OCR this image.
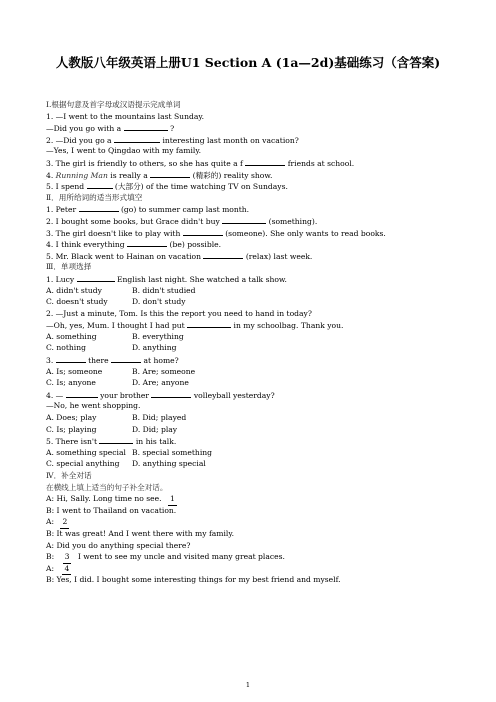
人教版八年级英语上册U1 Section A (1a—2d)基础练习（含答案)
Ⅰ.根据句意及首字母或汉语提示完成单词
1. —I went to the mountains last Sunday.
—Did you go with a	?
2. —Did you go a	interesting last month on vacation?
—Yes, I went to Qingdao with my family.
3. The girl is friendly to others, so she has quite a f	friends at school.
4. Running Man is really a	(精彩的) reality show.
5. I spend	(大部分) of the time watching TV on Sundays.
Ⅱ．用所给词的适当形式填空
1. Peter	(go) to summer camp last month.
2. I bought some books, but Grace didn't buy	(something).
3. The girl doesn't like to play with	(someone). She only wants to read books.
4. I think everything	(be) possible.
5. Mr. Black went to Hainan on vacation	(relax) last week.
Ⅲ．单项选择
1. Lucy	English last night. She watched a talk show.
A. didn't study	B. didn't studied
C. doesn't study	D. don't study
2. —Just a minute, Tom. Is this the report you need to hand in today?
—Oh, yes, Mum. I thought I had put	in my schoolbag. Thank you.
A. something	B. everything
C. nothing	D. anything
3.	there	at home?
A. Is; someone	B. Are; someone
C. Is; anyone	D. Are; anyone
4. —	your brother	volleyball yesterday?
—No, he went shopping.
A. Does; play	B. Did; played
C. Is; playing	D. Did; play
5. There isn't	in his talk.
A. something special B. special something
C. special anything	D. anything special
Ⅳ．补全对话
在横线上填上适当的句子补全对话。
A: Hi, Sally. Long time no see. 1
B: I went to Thailand on vacation.
A: 2
B: It was great! And I went there with my family.
A: Did you do anything special there?
B: 3 I went to see my uncle and visited many great places.
A: 4
B: Yes, I did. I bought some interesting things for my best friend and myself.
1
